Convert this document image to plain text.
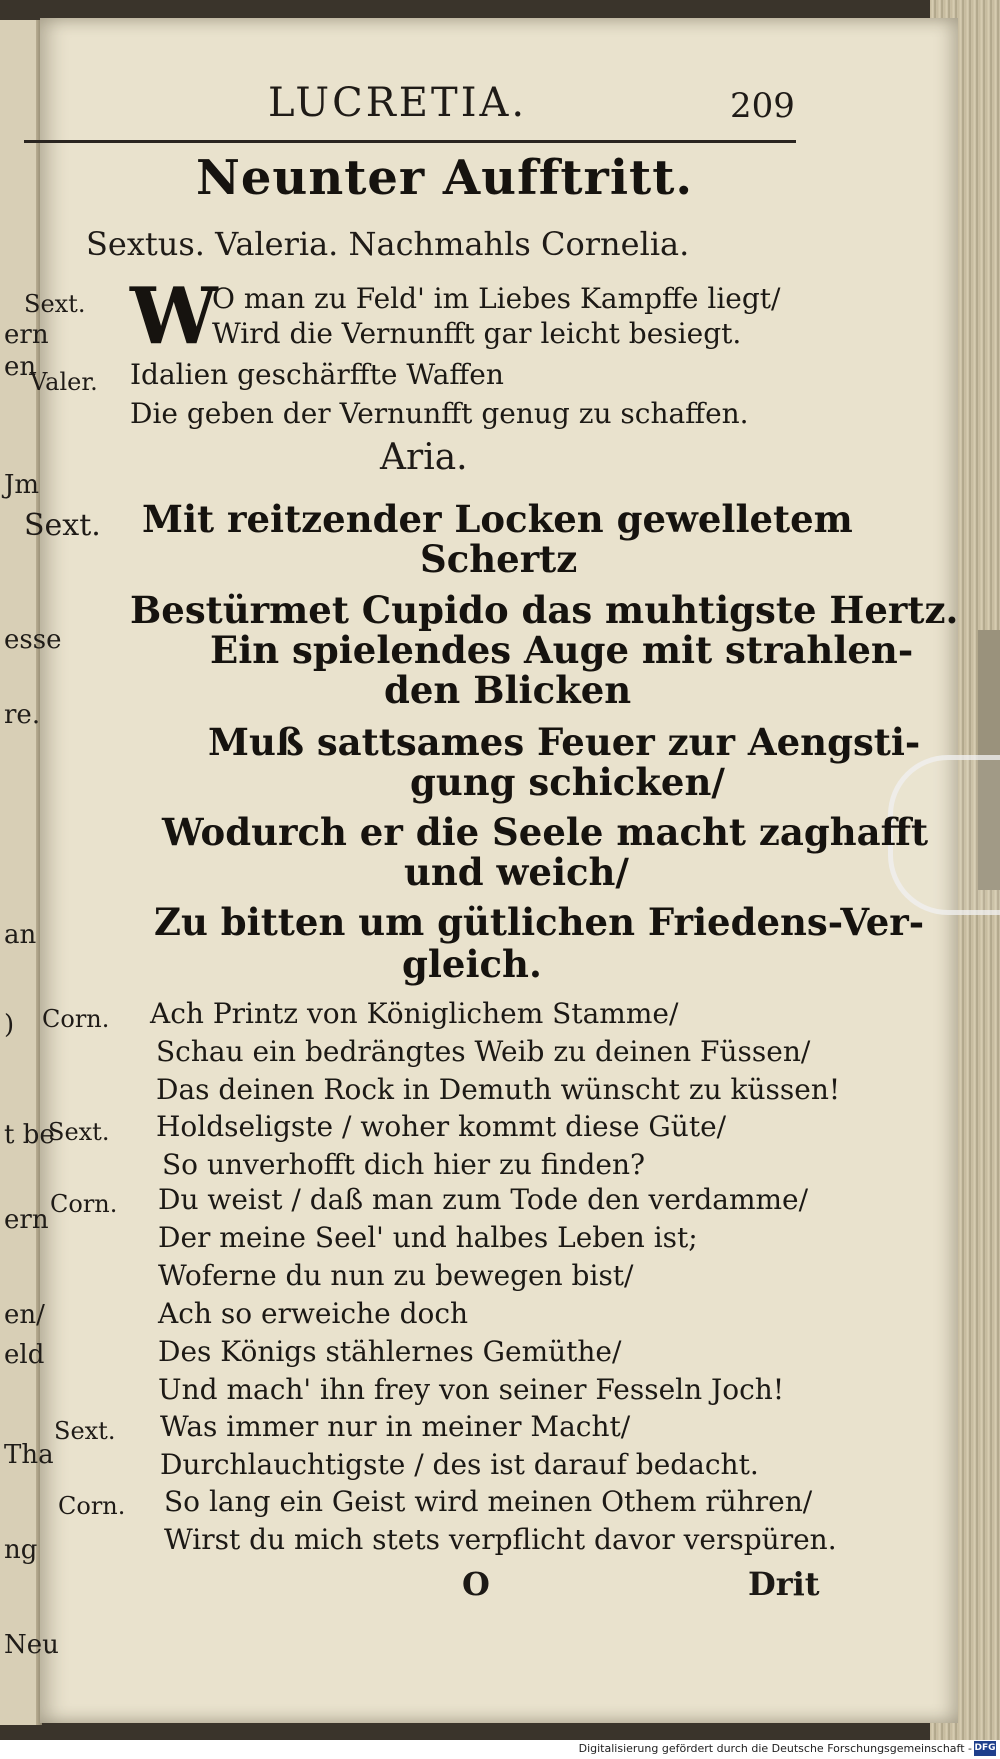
ern
en
Jm
esse
re.
an
)
t be
ern
en/
eld
Tha
ng
Neu
LUCRETIA.	209
Neunter Aufftritt.
Sextus. Valeria. Nachmahls Cornelia.
Sext. W
O man zu Feld' im Liebes Kampffe liegt/
Wird die Vernunfft gar leicht besiegt.
Valer. Idalien geschärffte Waffen
Die geben der Vernunfft genug zu schaffen.
Aria.
Sext. Mit reitzender Locken gewelletem
Schertz
Bestürmet Cupido das muhtigste Hertz.
Ein spielendes Auge mit strahlen-
den Blicken
Muß sattsames Feuer zur Aengsti-
gung schicken/
Wodurch er die Seele macht zaghafft
und weich/
Zu bitten um gütlichen Friedens-Ver-
gleich.
Corn. Ach Printz von Königlichem Stamme/
Schau ein bedrängtes Weib zu deinen Füssen/
Das deinen Rock in Demuth wünscht zu küssen!
Sext. Holdseligste / woher kommt diese Güte/
So unverhofft dich hier zu finden?
Corn. Du weist / daß man zum Tode den verdamme/
Der meine Seel' und halbes Leben ist;
Woferne du nun zu bewegen bist/
Ach so erweiche doch
Des Königs stählernes Gemüthe/
Und mach' ihn frey von seiner Fesseln Joch!
Sext. Was immer nur in meiner Macht/
Durchlauchtigste / des ist darauf bedacht.
Corn. So lang ein Geist wird meinen Othem rühren/
Wirst du mich stets verpflicht davor verspüren.
O	Drit
Digitalisierung gefördert durch die Deutsche Forschungsgemeinschaft - DFG
